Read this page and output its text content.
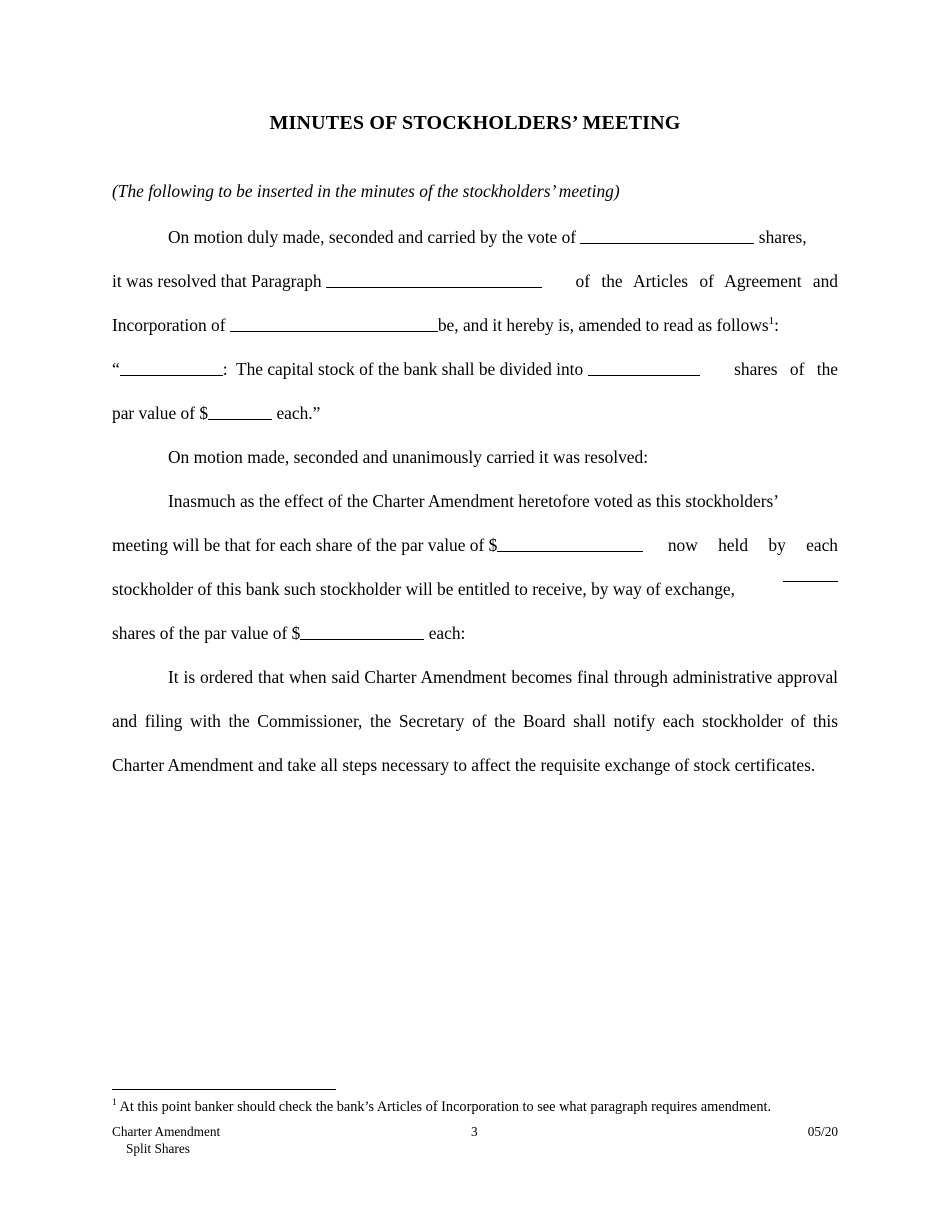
MINUTES OF STOCKHOLDERS’ MEETING
(The following to be inserted in the minutes of the stockholders’ meeting)
On motion duly made, seconded and carried by the vote of	shares,
it was resolved that Paragraph	of the Articles of Agreement and
Incorporation of	be, and it hereby is, amended to read as follows$^1$:
“	:  The capital stock of the bank shall be divided into	shares of the
par value of $	each.”
On motion made, seconded and unanimously carried it was resolved:
Inasmuch as the effect of the Charter Amendment heretofore voted as this stockholders’
meeting will be that for each share of the par value of $	now held by each
stockholder of this bank such stockholder will be entitled to receive, by way of exchange,
shares of the par value of $	each:
It is ordered that when said Charter Amendment becomes final through administrative approval and filing with the Commissioner, the Secretary of the Board shall notify each stockholder of this Charter Amendment and take all steps necessary to affect the requisite exchange of stock certificates.
$^1$ At this point banker should check the bank’s Articles of Incorporation to see what paragraph requires amendment.
Charter Amendment
Split Shares
3	05/20
